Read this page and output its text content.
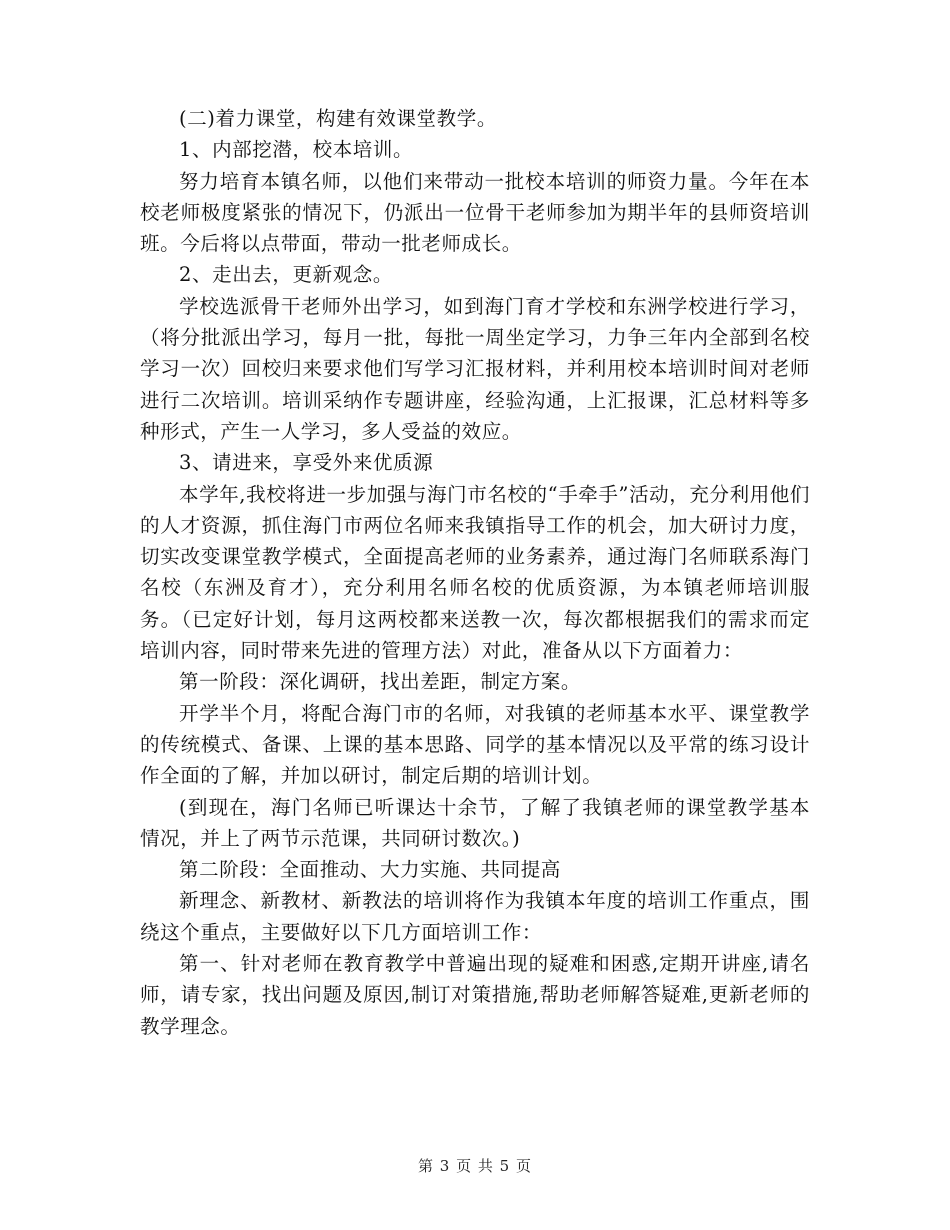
(二)着力课堂，构建有效课堂教学。

1、内部挖潜，校本培训。

努力培育本镇名师，以他们来带动一批校本培训的师资力量。今年在本校老师极度紧张的情况下，仍派出一位骨干老师参加为期半年的县师资培训班。今后将以点带面，带动一批老师成长。

2、走出去，更新观念。

学校选派骨干老师外出学习，如到海门育才学校和东洲学校进行学习，（将分批派出学习，每月一批，每批一周坐定学习，力争三年内全部到名校学习一次）回校归来要求他们写学习汇报材料，并利用校本培训时间对老师进行二次培训。培训采纳作专题讲座，经验沟通，上汇报课，汇总材料等多种形式，产生一人学习，多人受益的效应。

3、请进来，享受外来优质源

本学年,我校将进一步加强与海门市名校的“手牵手”活动，充分利用他们的人才资源，抓住海门市两位名师来我镇指导工作的机会，加大研讨力度，切实改变课堂教学模式，全面提高老师的业务素养，通过海门名师联系海门名校（东洲及育才），充分利用名师名校的优质资源，为本镇老师培训服务。（已定好计划，每月这两校都来送教一次，每次都根据我们的需求而定培训内容，同时带来先进的管理方法）对此，准备从以下方面着力：

第一阶段：深化调研，找出差距，制定方案。

开学半个月，将配合海门市的名师，对我镇的老师基本水平、课堂教学的传统模式、备课、上课的基本思路、同学的基本情况以及平常的练习设计作全面的了解，并加以研讨，制定后期的培训计划。

(到现在，海门名师已听课达十余节，了解了我镇老师的课堂教学基本情况，并上了两节示范课，共同研讨数次。)

第二阶段：全面推动、大力实施、共同提高

新理念、新教材、新教法的培训将作为我镇本年度的培训工作重点，围绕这个重点，主要做好以下几方面培训工作：

第一、针对老师在教育教学中普遍出现的疑难和困惑,定期开讲座,请名师，请专家，找出问题及原因,制订对策措施,帮助老师解答疑难,更新老师的教学理念。

第 3 页 共 5 页
